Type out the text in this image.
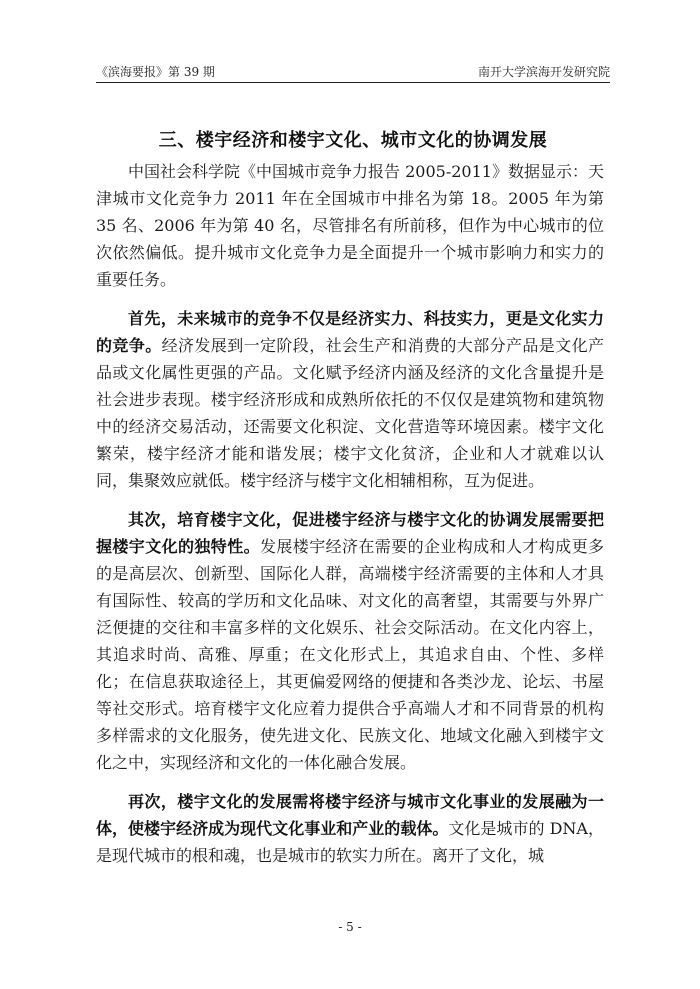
《滨海要报》第 39 期	南开大学滨海开发研究院
三、楼宇经济和楼宇文化、城市文化的协调发展

中国社会科学院《中国城市竞争力报告 2005-2011》数据显示：天津城市文化竞争力 2011 年在全国城市中排名为第 18。2005 年为第 35 名、2006 年为第 40 名，尽管排名有所前移，但作为中心城市的位次依然偏低。提升城市文化竞争力是全面提升一个城市影响力和实力的重要任务。

首先，未来城市的竞争不仅是经济实力、科技实力，更是文化实力的竞争。经济发展到一定阶段，社会生产和消费的大部分产品是文化产品或文化属性更强的产品。文化赋予经济内涵及经济的文化含量提升是社会进步表现。楼宇经济形成和成熟所依托的不仅仅是建筑物和建筑物中的经济交易活动，还需要文化积淀、文化营造等环境因素。楼宇文化繁荣，楼宇经济才能和谐发展；楼宇文化贫济，企业和人才就难以认同，集聚效应就低。楼宇经济与楼宇文化相辅相称，互为促进。

其次，培育楼宇文化，促进楼宇经济与楼宇文化的协调发展需要把握楼宇文化的独特性。发展楼宇经济在需要的企业构成和人才构成更多的是高层次、创新型、国际化人群，高端楼宇经济需要的主体和人才具有国际性、较高的学历和文化品味、对文化的高奢望，其需要与外界广泛便捷的交往和丰富多样的文化娱乐、社会交际活动。在文化内容上，其追求时尚、高雅、厚重；在文化形式上，其追求自由、个性、多样化；在信息获取途径上，其更偏爱网络的便捷和各类沙龙、论坛、书屋等社交形式。培育楼宇文化应着力提供合乎高端人才和不同背景的机构多样需求的文化服务，使先进文化、民族文化、地域文化融入到楼宇文化之中，实现经济和文化的一体化融合发展。

再次，楼宇文化的发展需将楼宇经济与城市文化事业的发展融为一体，使楼宇经济成为现代文化事业和产业的载体。文化是城市的 DNA，是现代城市的根和魂，也是城市的软实力所在。离开了文化，城

- 5 -
